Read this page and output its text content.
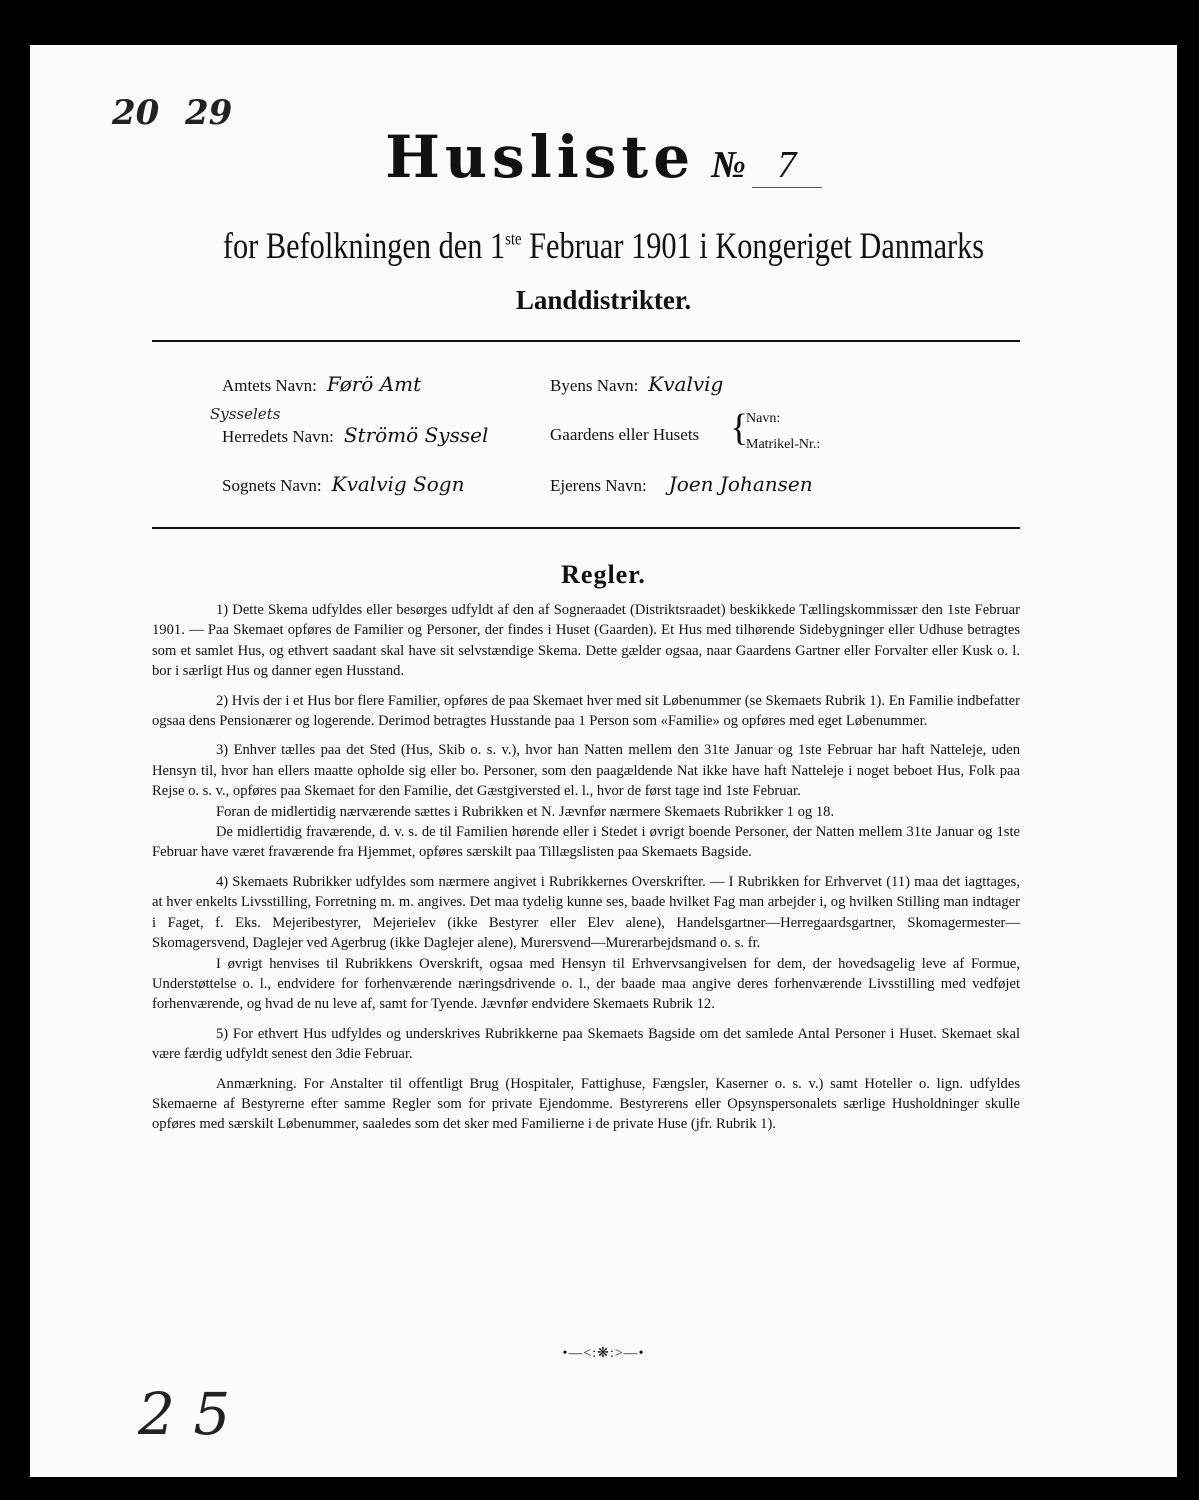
20 29
Husliste № 7
for Befolkningen den 1ste Februar 1901 i Kongeriget Danmarks
Landdistrikter.
Amtets Navn: Førö Amt
Herredets Navn: Strömö Syssel
Sysselets
Sognets Navn: Kvalvig Sogn
Byens Navn: Kvalvig
Gaardens eller Husets {
Navn:
Matrikel-Nr.:
Ejerens Navn: Joen Johansen
Regler.

1) Dette Skema udfyldes eller besørges udfyldt af den af Sogneraadet (Distriktsraadet) beskikkede Tællingskommissær den 1ste Februar 1901. — Paa Skemaet opføres de Familier og Personer, der findes i Huset (Gaarden). Et Hus med tilhørende Sidebygninger eller Udhuse betragtes som et samlet Hus, og ethvert saadant skal have sit selvstændige Skema. Dette gælder ogsaa, naar Gaardens Gartner eller Forvalter eller Kusk o. l. bor i særligt Hus og danner egen Husstand.

2) Hvis der i et Hus bor flere Familier, opføres de paa Skemaet hver med sit Løbenummer (se Skemaets Rubrik 1). En Familie indbefatter ogsaa dens Pensionærer og logerende. Derimod betragtes Husstande paa 1 Person som «Familie» og opføres med eget Løbenummer.

3) Enhver tælles paa det Sted (Hus, Skib o. s. v.), hvor han Natten mellem den 31te Januar og 1ste Februar har haft Natteleje, uden Hensyn til, hvor han ellers maatte opholde sig eller bo. Personer, som den paagældende Nat ikke have haft Natteleje i noget beboet Hus, Folk paa Rejse o. s. v., opføres paa Skemaet for den Familie, det Gæstgiversted el. l., hvor de først tage ind 1ste Februar.

Foran de midlertidig nærværende sættes i Rubrikken et N. Jævnfør nærmere Skemaets Rubrikker 1 og 18.

De midlertidig fraværende, d. v. s. de til Familien hørende eller i Stedet i øvrigt boende Personer, der Natten mellem 31te Januar og 1ste Februar have været fraværende fra Hjemmet, opføres særskilt paa Tillægslisten paa Skemaets Bagside.

4) Skemaets Rubrikker udfyldes som nærmere angivet i Rubrikkernes Overskrifter. — I Rubrikken for Erhvervet (11) maa det iagttages, at hver enkelts Livsstilling, Forretning m. m. angives. Det maa tydelig kunne ses, baade hvilket Fag man arbejder i, og hvilken Stilling man indtager i Faget, f. Eks. Mejeribestyrer, Mejerielev (ikke Bestyrer eller Elev alene), Handelsgartner—Herregaardsgartner, Skomagermester—Skomagersvend, Daglejer ved Agerbrug (ikke Daglejer alene), Murersvend—Murerarbejdsmand o. s. fr.

I øvrigt henvises til Rubrikkens Overskrift, ogsaa med Hensyn til Erhvervsangivelsen for dem, der hovedsagelig leve af Formue, Understøttelse o. l., endvidere for forhenværende næringsdrivende o. l., der baade maa angive deres forhenværende Livsstilling med vedføjet forhenværende, og hvad de nu leve af, samt for Tyende. Jævnfør endvidere Skemaets Rubrik 12.

5) For ethvert Hus udfyldes og underskrives Rubrikkerne paa Skemaets Bagside om det samlede Antal Personer i Huset. Skemaet skal være færdig udfyldt senest den 3die Februar.

Anmærkning. For Anstalter til offentligt Brug (Hospitaler, Fattighuse, Fængsler, Kaserner o. s. v.) samt Hoteller o. lign. udfyldes Skemaerne af Bestyrerne efter samme Regler som for private Ejendomme. Bestyrerens eller Opsynspersonalets særlige Husholdninger skulle opføres med særskilt Løbenummer, saaledes som det sker med Familierne i de private Huse (jfr. Rubrik 1).

•—<:❋:>—•
2 5
